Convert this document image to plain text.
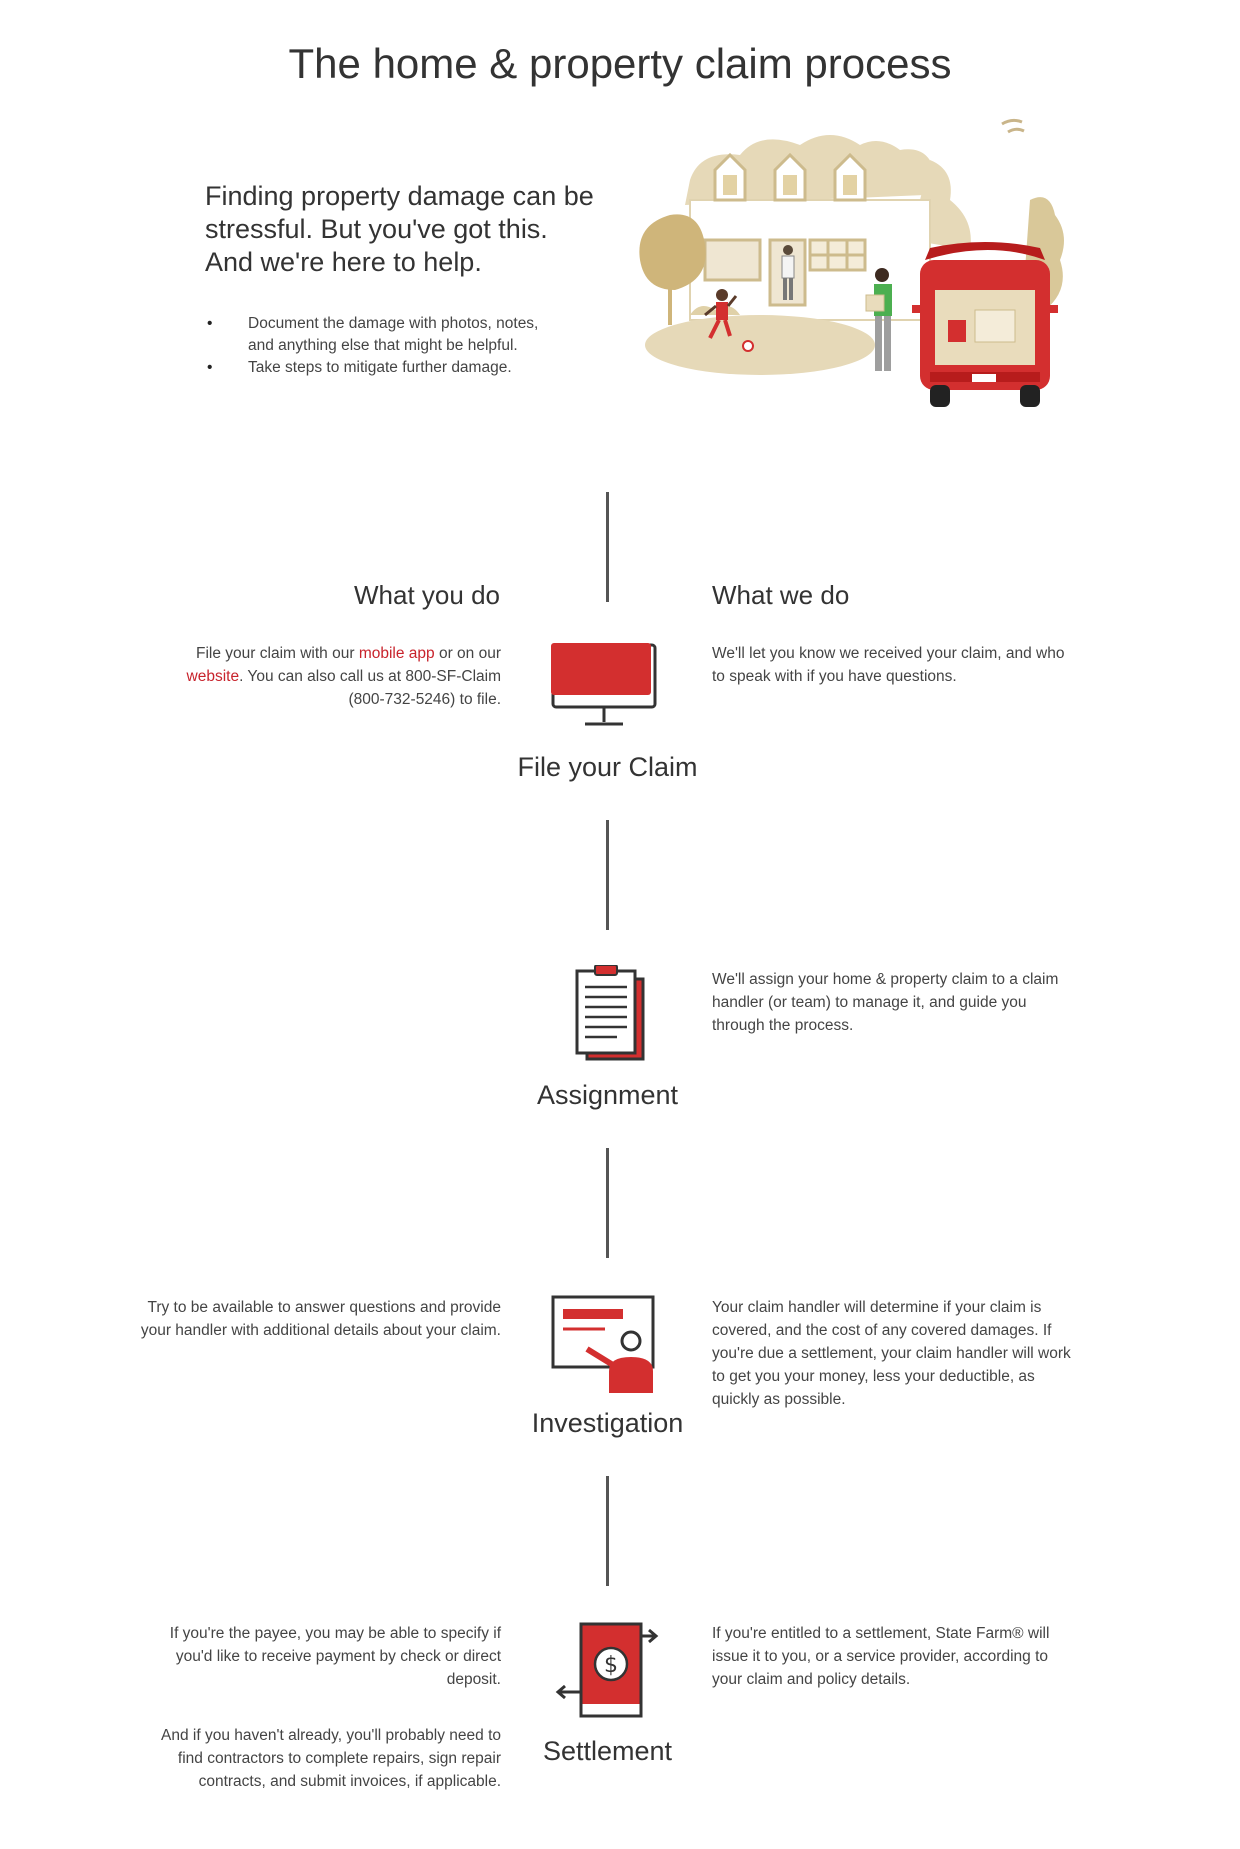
The home & property claim process

Finding property damage can be
stressful. But you've got this.
And we're here to help.

• Document the damage with photos, notes,
and anything else that might be helpful.
• Take steps to mitigate further damage.
What you do	What we do

File your claim with our mobile app or on our
website. You can also call us at 800-SF-Claim
(800-732-5246) to file.

We'll let you know we received your claim, and who
to speak with if you have questions.

File your Claim

We'll assign your home & property claim to a claim
handler (or team) to manage it, and guide you
through the process.

Assignment

Try to be available to answer questions and provide
your handler with additional details about your claim.

Your claim handler will determine if your claim is
covered, and the cost of any covered damages. If
you're due a settlement, your claim handler will work
to get you your money, less your deductible, as
quickly as possible.

Investigation

If you're the payee, you may be able to specify if
you'd like to receive payment by check or direct
deposit.

And if you haven't already, you'll probably need to
find contractors to complete repairs, sign repair
contracts, and submit invoices, if applicable.

If you're entitled to a settlement, State Farm® will
issue it to you, or a service provider, according to
your claim and policy details.

$
Settlement
